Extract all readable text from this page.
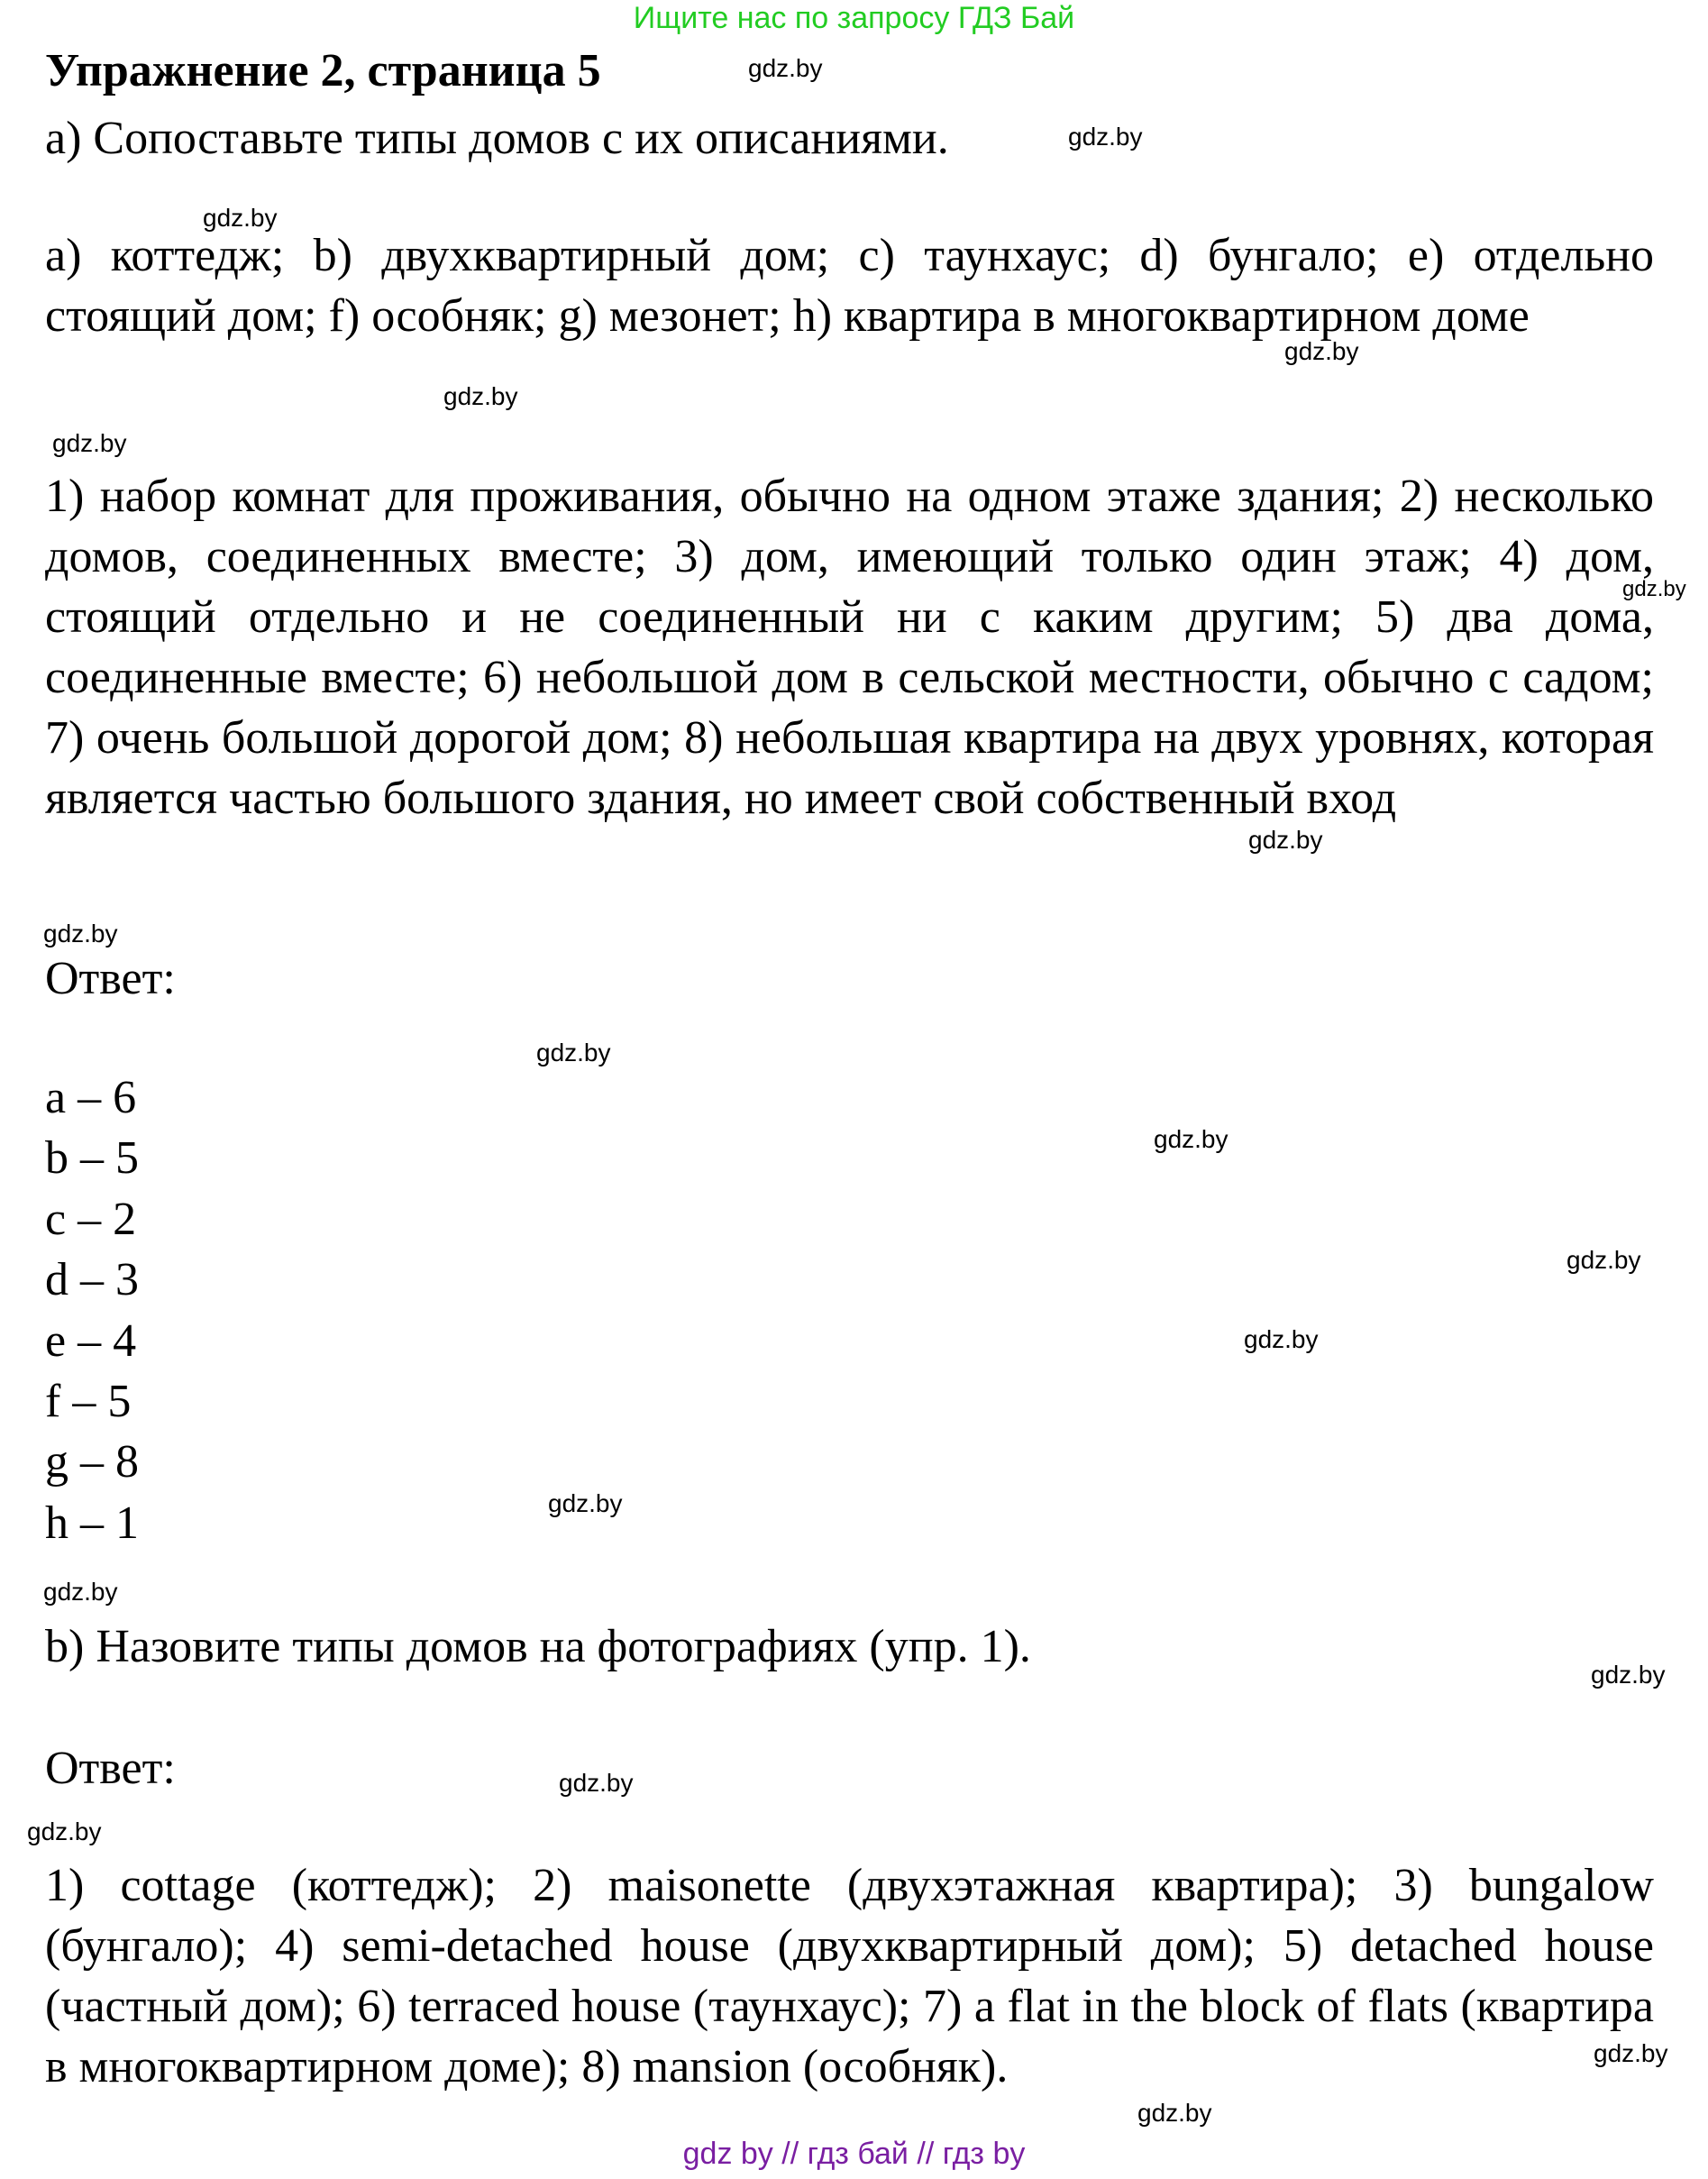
Ищите нас по запросу ГДЗ Бай
Упражнение 2, страница 5
a) Сопоставьте типы домов с их описаниями.
a) коттедж; b) двухквартирный дом; c) таунхаус; d) бунгало; e) отдельно стоящий дом; f) особняк; g) мезонет; h) квартира в многоквартирном доме
1) набор комнат для проживания, обычно на одном этаже здания; 2) несколько домов, соединенных вместе; 3) дом, имеющий только один этаж; 4) дом, стоящий отдельно и не соединенный ни с каким другим; 5) два дома, соединенные вместе; 6) небольшой дом в сельской местности, обычно с садом; 7) очень большой дорогой дом; 8) небольшая квартира на двух уровнях, которая является частью большого здания, но имеет свой собственный вход
Ответ:
a – 6
b – 5
c – 2
d – 3
e – 4
f – 5
g – 8
h – 1
b) Назовите типы домов на фотографиях (упр. 1).
Ответ:
1) cottage (коттедж); 2) maisonette (двухэтажная квартира); 3) bungalow (бунгало); 4) semi-detached house (двухквартирный дом); 5) detached house (частный дом); 6) terraced house (таунхаус); 7) a flat in the block of flats (квартира в многоквартирном доме); 8) mansion (особняк).
gdz.by
gdz.by
gdz.by
gdz.by
gdz.by
gdz.by
gdz.by
gdz.by
gdz.by
gdz.by
gdz.by
gdz.by
gdz.by
gdz.by
gdz.by
gdz.by
gdz.by
gdz.by
gdz.by
gdz.by
gdz by // гдз бай // гдз by
